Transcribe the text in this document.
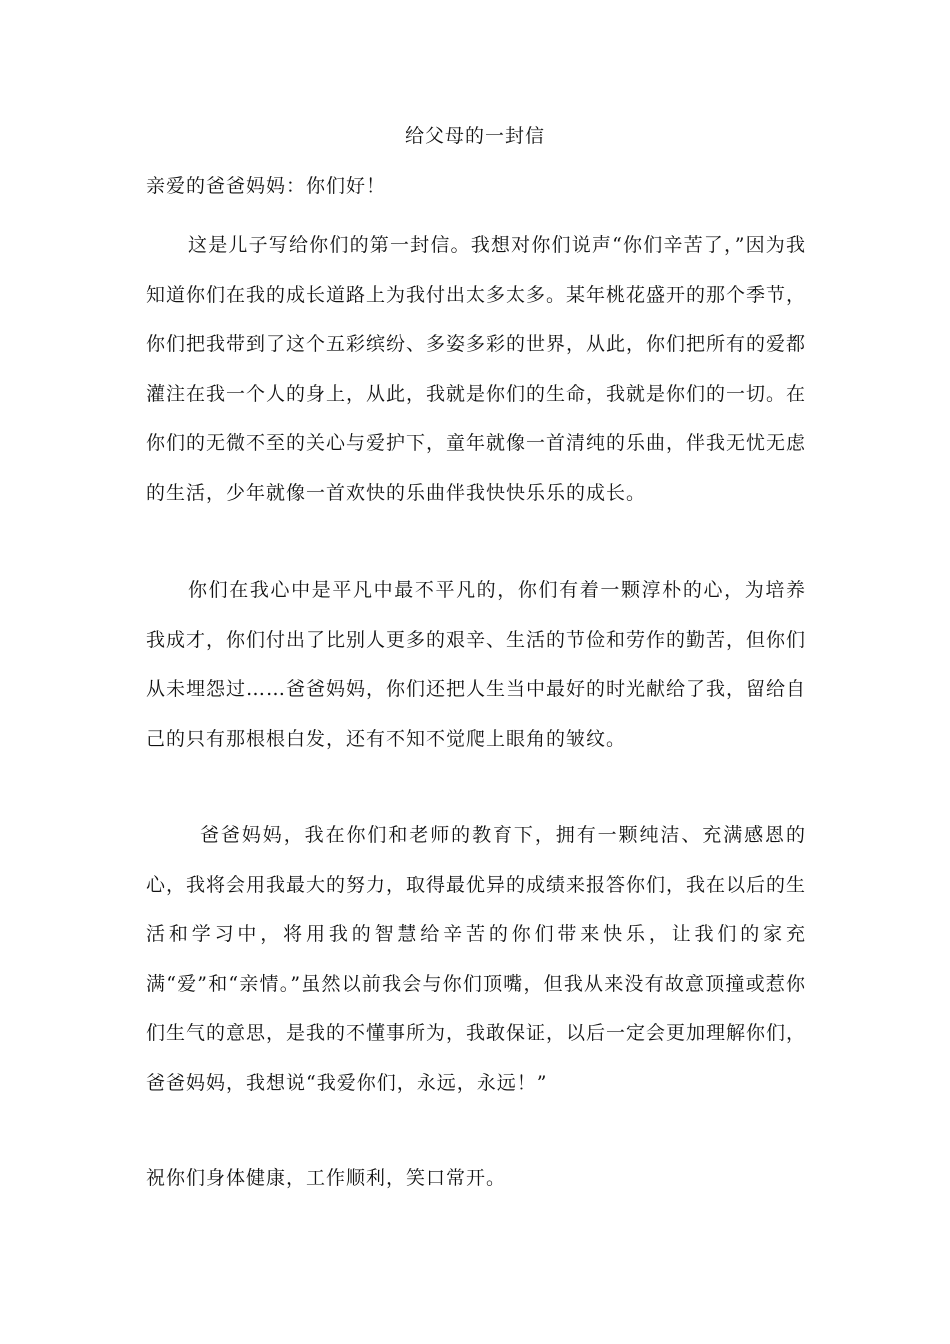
给父母的一封信
亲爱的爸爸妈妈：你们好！

这是儿子写给你们的第一封信。我想对你们说声“你们辛苦了，”因为我知道你们在我的成长道路上为我付出太多太多。某年桃花盛开的那个季节，你们把我带到了这个五彩缤纷、多姿多彩的世界，从此，你们把所有的爱都灌注在我一个人的身上，从此，我就是你们的生命，我就是你们的一切。在你们的无微不至的关心与爱护下，童年就像一首清纯的乐曲，伴我无忧无虑的生活，少年就像一首欢快的乐曲伴我快快乐乐的成长。

你们在我心中是平凡中最不平凡的，你们有着一颗淳朴的心，为培养我成才，你们付出了比别人更多的艰辛、生活的节俭和劳作的勤苦，但你们从未埋怨过……爸爸妈妈，你们还把人生当中最好的时光献给了我，留给自己的只有那根根白发，还有不知不觉爬上眼角的皱纹。

爸爸妈妈，我在你们和老师的教育下，拥有一颗纯洁、充满感恩的心，我将会用我最大的努力，取得最优异的成绩来报答你们，我在以后的生活和学习中，将用我的智慧给辛苦的你们带来快乐，让我们的家充满“爱”和“亲情。”虽然以前我会与你们顶嘴，但我从来没有故意顶撞或惹你们生气的意思，是我的不懂事所为，我敢保证，以后一定会更加理解你们，爸爸妈妈，我想说“我爱你们，永远，永远！”

祝你们身体健康，工作顺利，笑口常开。
